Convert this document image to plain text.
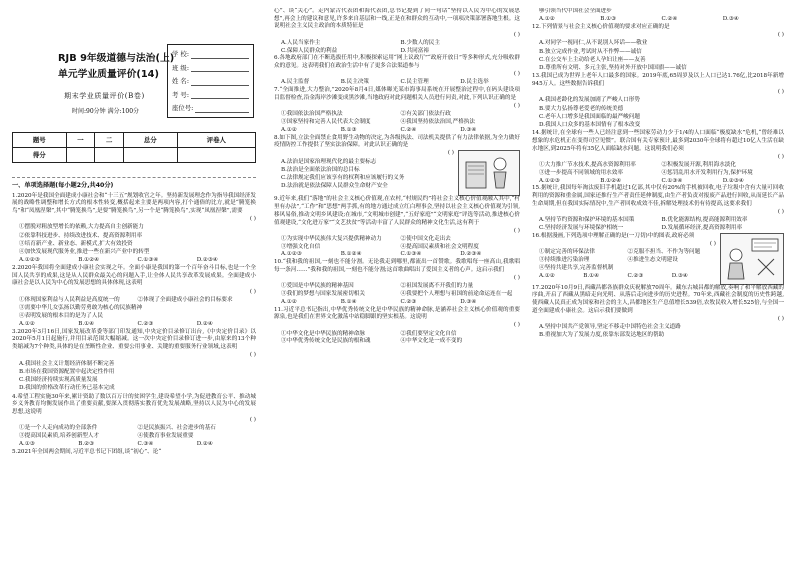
RJB 9年级道德与法治(上)
单元学业质量评价(14)
期末学业质量评价(B卷)
时间:90分钟 满分:100分
学 校:
班 级:
姓 名:
考 号:
座位号:
题号	一	二	总分	评卷人
得分				
一、单项选择题(每小题2分,共40分)
1.2020年是我国全面建成小康社会和“十三五”规划收官之年。坚持新发展理念作为指导我国经济发展的战略性调整和增长方式的根本性转变,概括起来主要是两项内容,打个通俗的比方,就是“腾笼换鸟”和“凤凰涅槃”,其中“腾笼换鸟”,是要“腾笼换鸟”,另一个是“腾笼换鸟”,实现“凤凰涅槃”,需要
( )
①摆脱对粗放型增长的依赖,大力提高自主创新能力
②依靠科技进步、持续改进技术、提高资源利用率
③培育新产业、新业态、新模式,扩大有效投资
④加快发展现代服务业,推进一些在新兴产业中的转型
A.①②③	B.①②④	C.①③④	D.②③④
2.2020年我国将全面建成小康社会实现之年。全面小康是我国的第一个百年奋斗目标,也是一个全国人民共享的成果,这是从人民群众最关心的问题入手,让全体人民共享改革发展成果。全面建成小康社会是以人民为中心的发展思想的具体体现,这表明
( )
①体现国家利益与人民利益是高度统一的	②体现了全面建成小康社会的目标要求
③需要中华儿女弘扬以勤劳勇敢为核心的民族精神
④表明发展的根本目的是为了人民
A.①②	B.①④	C.②③	D.②④
3.2020年3月16日,国家发展改革委等部门印发通知,中央定价目录修订出台,《中央定价目录》以2020年5月1日起施行,并用目录范围大幅缩减。这一次中央定价目录修订进一步,由原来的13个种类缩减为7个种类,具体的是在垄断性企业、重要公用事业、关键的重要服务行业领域,这表明
( )
A.我国社会主义计划经济体制不断完善
B.市场在我国资源配置中起决定性作用
C.我国经济持续实现高质量发展
D.我国的价格改革行动任务已基本完成
4.希望工程实施30年来,累计资助了数以百万计的贫困学生,建设希望小学,为促进教育公平、推动城乡义务教育均衡发展作出了重要贡献,要深入贯彻落实教育优先发展战略,坚持以人民为中心的发展思想,这说明
( )
①是一个人走向成功的全部条件	②是民族振兴、社会进步的基石
③提高国民素质,培养创新型人才	④使教育事业发展重要
A.①③	B.②③	C.③④	D.②④
5.2021年全国两会期间,习近平总书记下团组,谈“初心”、论“
心”、谈“关心”。走内蒙古代表团和海代表团,总书记提到了同一句话“坚持以人民为中心的发展思想”,再会上的建议和意见,许多来自基层和一线,正是在和群众的互动中,一项项决策部署落地生根。这说明社会主义民主政治的本质特征是
( )
A.人民当家作主	B.少数人的民主
C.保障人民群众的利益	D.共同富裕
6.各地政府部门在不断选拔任用中,积极探索运用“网上议政厅”“政府开放日”等多种形式,充分吸收群众的意见。这表明我们在政治生活中有了更多合法渠道参与
( )
A.民主监督	B.民主决策	C.民主管理	D.民主选举
7.“全面推进,大力整治,”2020年8月4日,媒体曝光某市海事局系统在开展整治过程中,在码头建设项目监督检查,沿金海岸沙滩变成黑沙滩,当地政府对此问题相关人员进行问责,对此,下列认识正确的是
( )
①我国依法治国严格执法	②有关部门依法行政
③国家坚持和完善人民代表大会制度	④我国坚持依法治国,严格执法
A.①②	B.①③	C.②④	D.③④
8.如下图,立法全面禁止食用野生动物的决定,为各级执法、司法机关提供了有力法律依据,为全力做好疫情防控工作提供了坚实法治保障。对此认识正确的是
( )
A.法治是国家治理现代化的最主要标志
B.法治是全面依法治国的总目标
C.法律规定我们应该享有的权利和应该履行的义务
D.法治就是依法保障人民群众生命财产安全
9.近年来,我们“落地”的社会主义核心价值观,在农村,“村规民约”将社会主义核心价值观融入其中,“村里有办法”,“工作”和“思想”两手抓,有的地方通过成立红白理事会,坚持以社会主义核心价值观为引领,移风易俗,推动文明乡风建设;在城市,“文明城市创建”,“五好家庭”“文明家庭”评选等活动,推进核心价值观建设,“文化进万家”“文艺扶贫”等活动丰富了人民群众的精神文化生活,这有利于
( )
①为实现中华民族伟大复兴提供精神动力	②使中国文化走出去
③增强文化自信	④提高国民素质和社会文明程度
A.①②③	B.①②④	C.①③④	D.②③④
10.“我和我的祖国,一刻也不能分割。无论我走到哪里,都流出一首赞歌。我歌唱每一座高山,我歌唱每一条河……”我和我的祖国,一刻也不能分割;这首歌曲唱出了爱国主义者的心声。这启示我们
( )
①爱国是中华民族的精神基因	②祖国发展离不开我们的力量
③我们的梦想与国家发展密切相关	④我要把个人理想与祖国的前途命运连在一起
A.①②	B.①④	C.②③	D.③④
11.习近平总书记指出,中华优秀传统文化是中华民族的精神命脉,是涵养社会主义核心价值观的重要源泉,也是我们在世界文化激荡中站稳脚跟的坚实根基。这说明
( )
①中华文化是中华民族的精神命脉	②我们要坚定文化自信
③中华优秀传统文化是民族的根和魂	④中华文化是一成不变的
够引领当代中国社会全面进步
A.①②	B.①③	C.②④	D.③④
12.下列情景与社会主义核心价值观的要求对应正确的是
( )
A.对同学一视同仁,从不说别人坏话——敬业
B.独立完成作业,考试时从不作弊——诚信
C.在公交车上主动给老人孕妇让座——友善
D.尊重所有文明、多元主张,坚持对外开放中国国旗——诚信
13.我国已成为世界上老年人口最多的国家。2019年底,65周岁及以上人口已达1.76亿,比2018年新增945万人。这些数据告诉我们
( )
A.我国老龄化的发展加剧了严峻人口形势
B.要大力弘扬尊老爱老的传统美德
C.老年人口增多是我国面临的最严峻问题
D.我国人口众多的基本国情有了根本改变
14.据统计,在全球有一些人已经注意到一些国家劳动力少于1/4的人口面临“极度缺水”危机,“曾经难以想象的水危机正在变得司空见惯”。联合国有关专家预计,最多到2030年全球将有超过10亿人生活在缺水地区,到2025年将有35亿人面临缺水问题。这说明我们必须
( )
①大力推广节水技术,提高水资源利用率	②积极发展开源,利用海水淡化
③进一步提高不同领域的用水效率	④惩罚乱用水开发利用行为,保护环境
A.①②③	B.①②④	C.①③④	D.②③④
15.据统计,我国每年淘汰废旧手机超过1亿部,其中仅有20%的手机被回收,电子垃圾中含有大量可回收利用的资源和重金属,国家还推行生产者责任延伸制度,由生产者负责对报废产品进行回收,从而延长产品生命周期,但在我国实际情况中,生产者回收成效不佳,拆解处理技术仍有待提高,这要求我们
( )
A.坚持节约资源和保护环境的基本国策	B.优化能源结构,提高能源利用效率
C.坚持经济发展与环境保护相统一	D.发展循环经济,提高资源利用率
16.根据漫画,下列选项中理解正确的是(一刀切)中的图表,政府必须
( )
①制定完善的环保法律	②克服不担当、不作为等问题
③持续推进污染治理	④推进生态文明建设
④坚持共建共享,完善监督机制
A.①②	B.①④	C.②③	D.③④
17.2020年10月9日,西藏昌都各族群众庆祝解放70周年。藏东古城昌都的解放,奏响了和平解放西藏的序曲,开启了西藏从黑暗走向光明、从落后走向进步的历史进程。70年来,西藏社会制度的历史性跨越,使西藏人民真正成为国家和社会的主人,昌都地区生产总值增长539倍,农牧民收入增长525倍,与全国一道全面建成小康社会。这启示我们要做到
( )
A.坚持中国共产党领导,坚定不移走中国特色社会主义道路
B.重视加大为了发展力度,依靠东部发达地区的帮助
